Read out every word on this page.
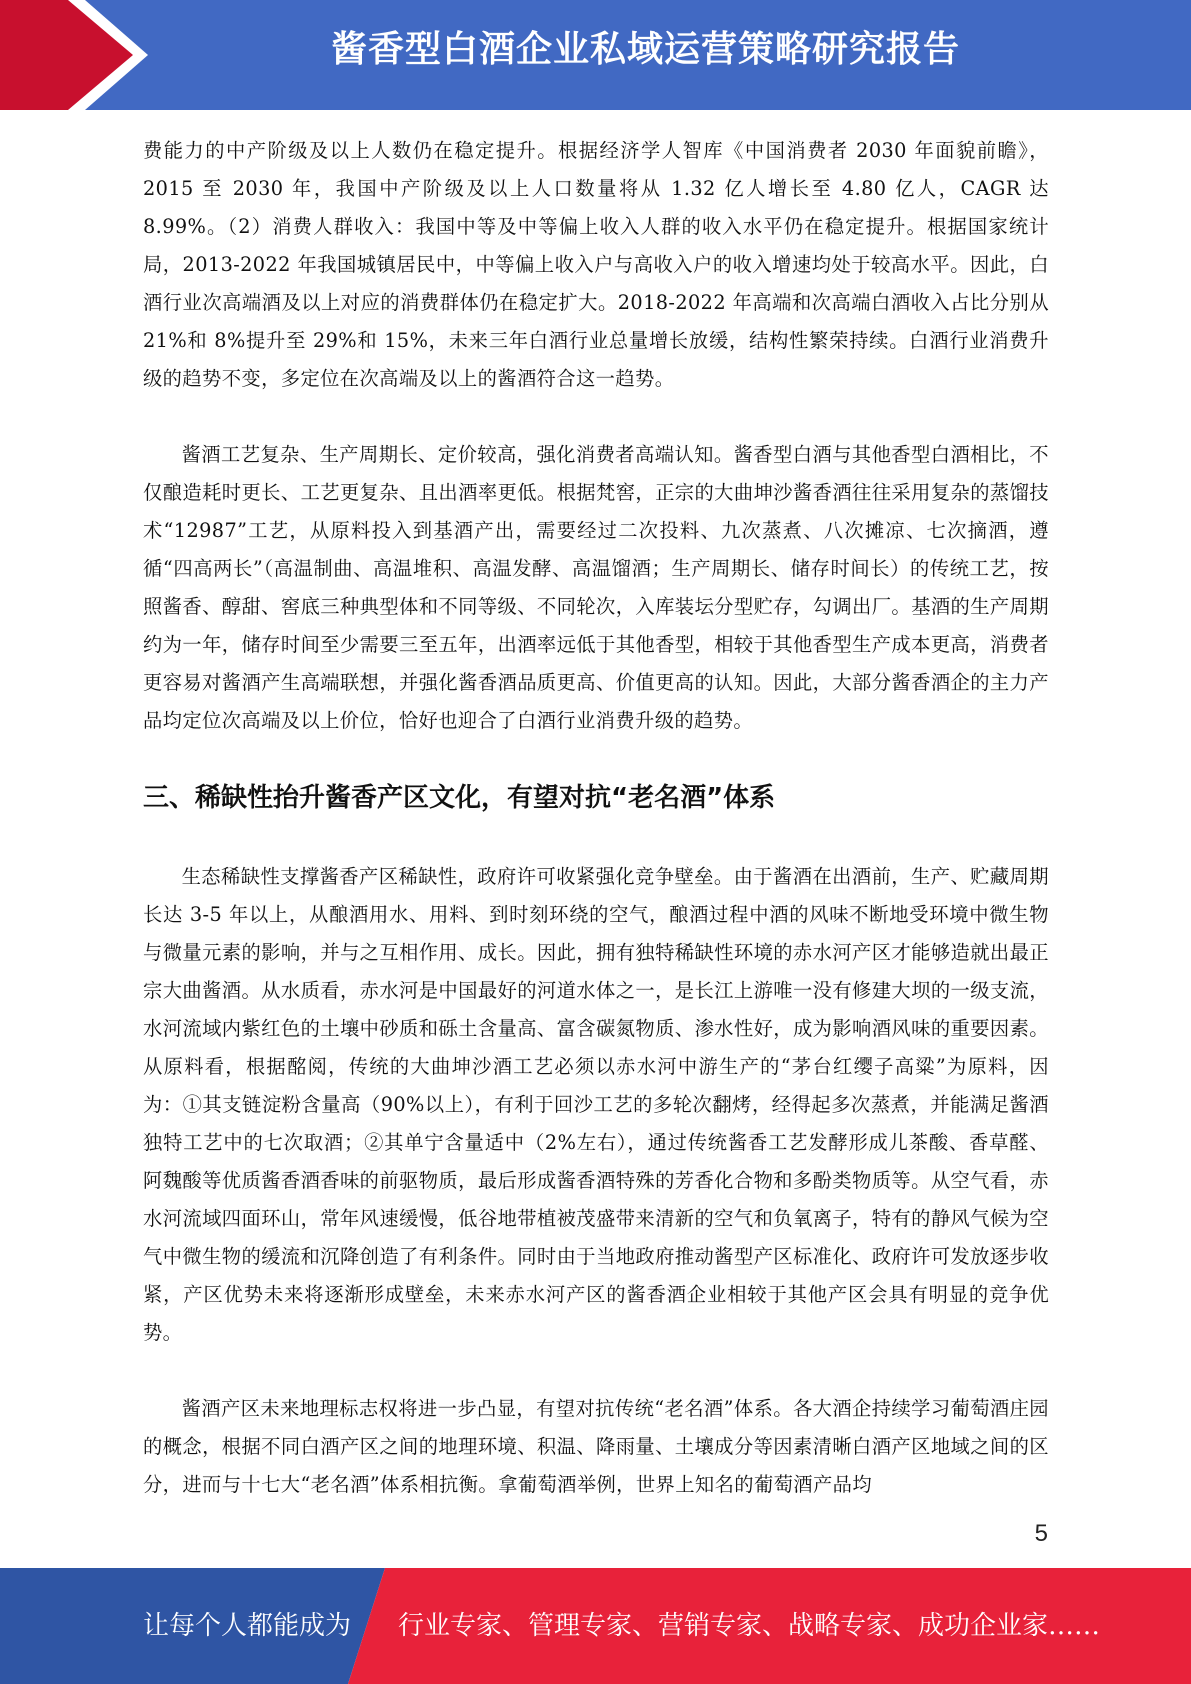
酱香型白酒企业私域运营策略研究报告

费能力的中产阶级及以上人数仍在稳定提升。根据经济学人智库《中国消费者 2030 年面貌前瞻》，2015 至 2030 年，我国中产阶级及以上人口数量将从 1.32 亿人增长至 4.80 亿人，CAGR 达 8.99%。（2）消费人群收入：我国中等及中等偏上收入人群的收入水平仍在稳定提升。根据国家统计局，2013-2022 年我国城镇居民中，中等偏上收入户与高收入户的收入增速均处于较高水平。因此，白酒行业次高端酒及以上对应的消费群体仍在稳定扩大。2018-2022 年高端和次高端白酒收入占比分别从 21%和 8%提升至 29%和 15%，未来三年白酒行业总量增长放缓，结构性繁荣持续。白酒行业消费升级的趋势不变，多定位在次高端及以上的酱酒符合这一趋势。

酱酒工艺复杂、生产周期长、定价较高，强化消费者高端认知。酱香型白酒与其他香型白酒相比，不仅酿造耗时更长、工艺更复杂、且出酒率更低。根据梵窖，正宗的大曲坤沙酱香酒往往采用复杂的蒸馏技术“12987”工艺，从原料投入到基酒产出，需要经过二次投料、九次蒸煮、八次摊凉、七次摘酒，遵循“四高两长”（高温制曲、高温堆积、高温发酵、高温馏酒；生产周期长、储存时间长）的传统工艺，按照酱香、醇甜、窖底三种典型体和不同等级、不同轮次，入库装坛分型贮存，勾调出厂。基酒的生产周期约为一年，储存时间至少需要三至五年，出酒率远低于其他香型，相较于其他香型生产成本更高，消费者更容易对酱酒产生高端联想，并强化酱香酒品质更高、价值更高的认知。因此，大部分酱香酒企的主力产品均定位次高端及以上价位，恰好也迎合了白酒行业消费升级的趋势。

三、稀缺性抬升酱香产区文化，有望对抗“老名酒”体系

生态稀缺性支撑酱香产区稀缺性，政府许可收紧强化竞争壁垒。由于酱酒在出酒前，生产、贮藏周期长达 3-5 年以上，从酿酒用水、用料、到时刻环绕的空气，酿酒过程中酒的风味不断地受环境中微生物与微量元素的影响，并与之互相作用、成长。因此，拥有独特稀缺性环境的赤水河产区才能够造就出最正宗大曲酱酒。从水质看，赤水河是中国最好的河道水体之一，是长江上游唯一没有修建大坝的一级支流，水河流域内紫红色的土壤中砂质和砾土含量高、富含碳氮物质、渗水性好，成为影响酒风味的重要因素。从原料看，根据酩阅，传统的大曲坤沙酒工艺必须以赤水河中游生产的“茅台红缨子高粱”为原料，因为：①其支链淀粉含量高（90%以上），有利于回沙工艺的多轮次翻烤，经得起多次蒸煮，并能满足酱酒独特工艺中的七次取酒；②其单宁含量适中（2%左右），通过传统酱香工艺发酵形成儿茶酸、香草醛、阿魏酸等优质酱香酒香味的前驱物质，最后形成酱香酒特殊的芳香化合物和多酚类物质等。从空气看，赤水河流域四面环山，常年风速缓慢，低谷地带植被茂盛带来清新的空气和负氧离子，特有的静风气候为空气中微生物的缓流和沉降创造了有利条件。同时由于当地政府推动酱型产区标准化、政府许可发放逐步收紧，产区优势未来将逐渐形成壁垒，未来赤水河产区的酱香酒企业相较于其他产区会具有明显的竞争优势。

酱酒产区未来地理标志权将进一步凸显，有望对抗传统“老名酒”体系。各大酒企持续学习葡萄酒庄园的概念，根据不同白酒产区之间的地理环境、积温、降雨量、土壤成分等因素清晰白酒产区地域之间的区分，进而与十七大“老名酒”体系相抗衡。拿葡萄酒举例，世界上知名的葡萄酒产品均

5
让每个人都能成为 行业专家、管理专家、营销专家、战略专家、成功企业家……
